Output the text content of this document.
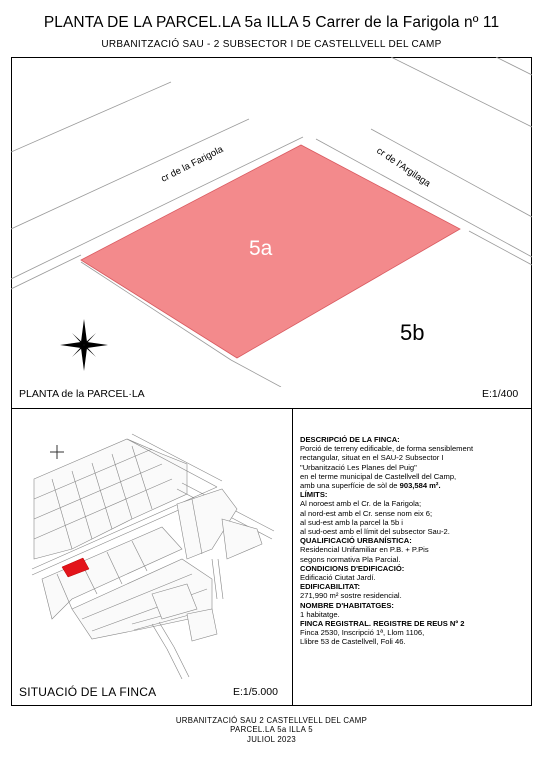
PLANTA DE LA PARCEL.LA 5a ILLA 5 Carrer de la Farigola nº 11
URBANITZACIÓ SAU - 2 SUBSECTOR I DE CASTELLVELL DEL CAMP
5a
5b
cr de la Farigola	cr de l'Argilaga
PLANTA de la PARCEL·LA	E:1/400
SITUACIÓ DE LA FINCA	E:1/5.000
DESCRIPCIÓ DE LA FINCA:
Porció de terreny edificable, de forma sensiblement
rectangular, situat en el SAU-2 Subsector I
"Urbanització Les Planes del Puig"
en el terme municipal de Castellvell del Camp,
amb una superfície de sòl de 903,584 m².
LÍMITS:
Al noroest amb el Cr. de la Farigola;
al nord-est amb el Cr. sense nom eix 6;
al sud-est amb la parcel la 5b i
al sud-oest amb el límit del subsector Sau-2.
QUALIFICACIÓ URBANÍSTICA:
Residencial Unifamiliar en P.B. + P.Pis
segons normativa Pla Parcial.
CONDICIONS D'EDIFICACIÓ:
Edificació Ciutat Jardí.
EDIFICABILITAT:
271,990 m² sostre residencial.
NOMBRE D'HABITATGES:
1 habitatge.
FINCA REGISTRAL. REGISTRE DE REUS Nº 2
Finca 2530, Inscripció 1ª, Llom 1106,
Llibre 53 de Castellvell, Foli 46.
URBANITZACIÓ SAU 2 CASTELLVELL DEL CAMP
PARCEL.LA 5a ILLA 5
JULIOL 2023
